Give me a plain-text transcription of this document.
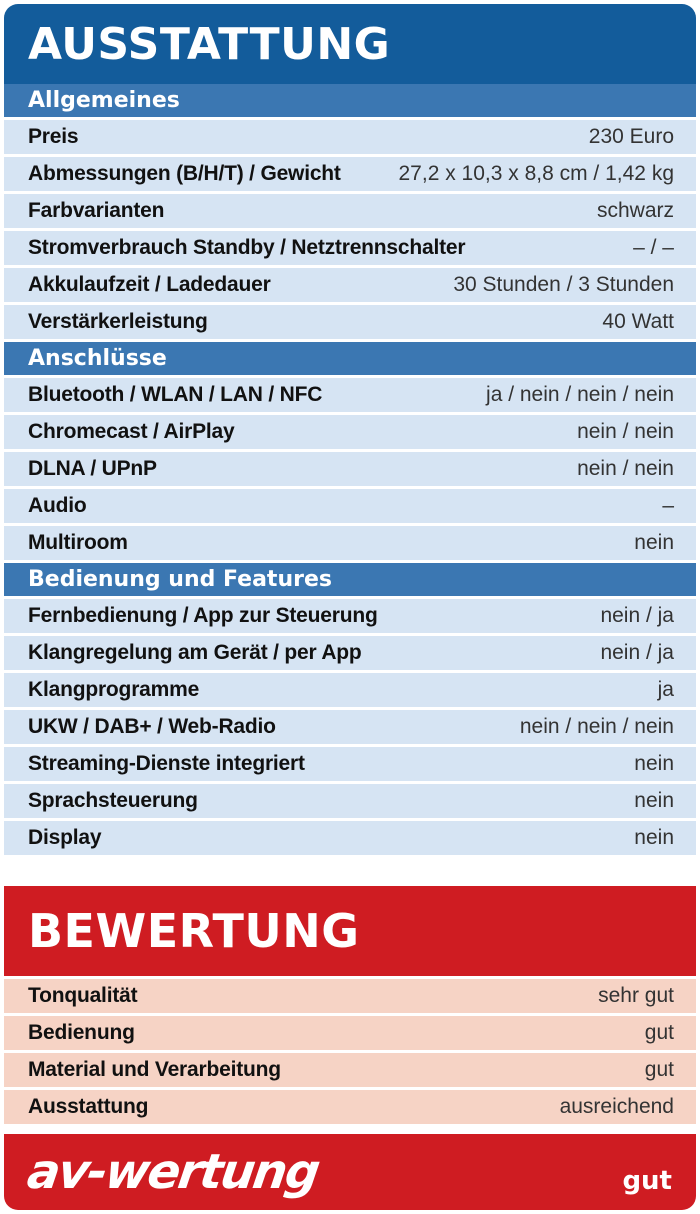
AUSSTATTUNG
Allgemeines
Preis	230 Euro
Abmessungen (B/H/T) / Gewicht	27,2 x 10,3 x 8,8 cm / 1,42 kg
Farbvarianten	schwarz
Stromverbrauch Standby / Netztrennschalter	– / –
Akkulaufzeit / Ladedauer	30 Stunden / 3 Stunden
Verstärkerleistung	40 Watt
Anschlüsse
Bluetooth / WLAN / LAN / NFC	ja / nein / nein / nein
Chromecast / AirPlay	nein / nein
DLNA / UPnP	nein / nein
Audio	–
Multiroom	nein
Bedienung und Features
Fernbedienung / App zur Steuerung	nein / ja
Klangregelung am Gerät / per App	nein / ja
Klangprogramme	ja
UKW / DAB+ / Web-Radio	nein / nein / nein
Streaming-Dienste integriert	nein
Sprachsteuerung	nein
Display	nein
BEWERTUNG
Tonqualität	sehr gut
Bedienung	gut
Material und Verarbeitung	gut
Ausstattung	ausreichend
av-wertung	gut
